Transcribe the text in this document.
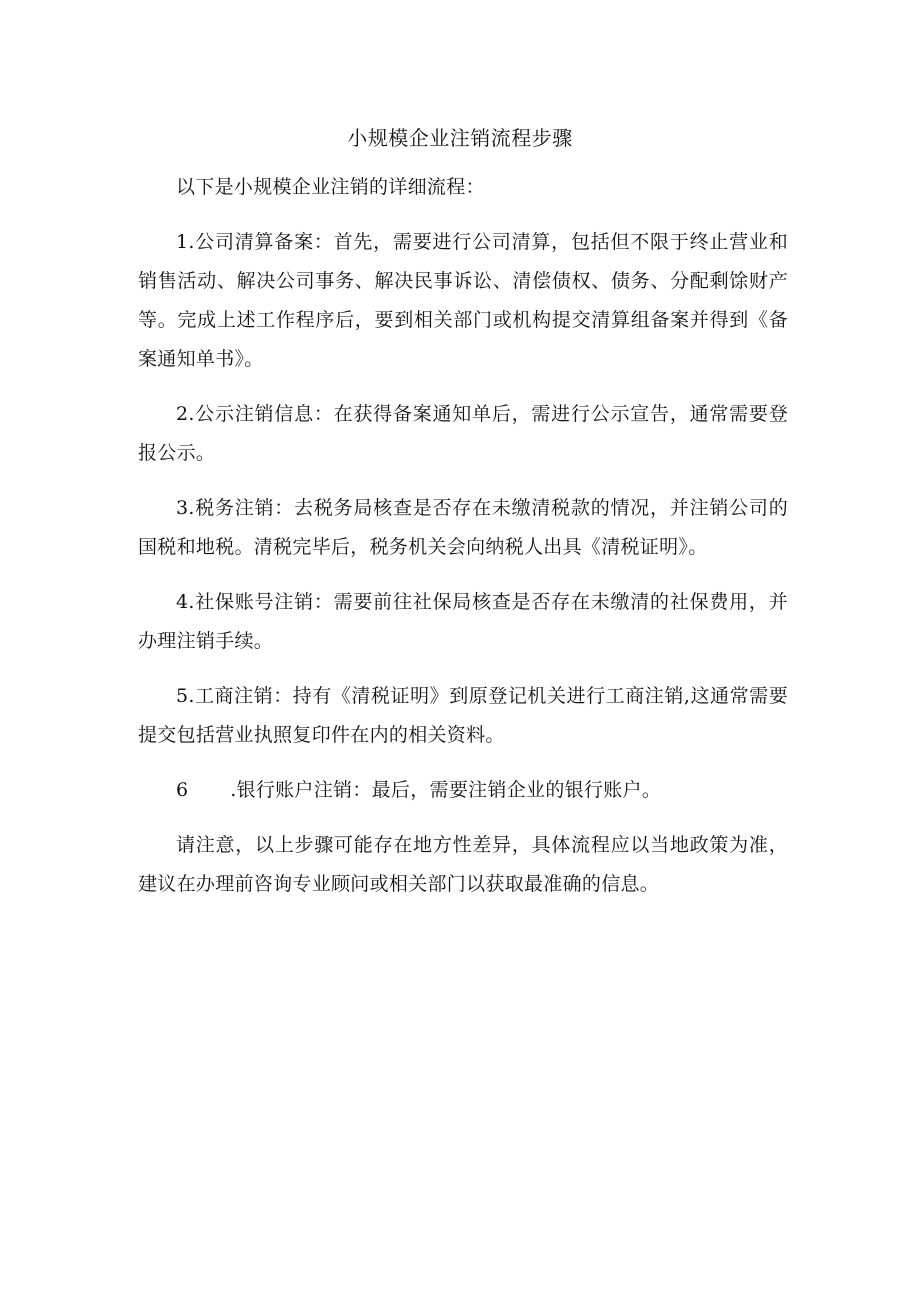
小规模企业注销流程步骤

以下是小规模企业注销的详细流程：

1.公司清算备案：首先，需要进行公司清算，包括但不限于终止营业和销售活动、解决公司事务、解决民事诉讼、清偿债权、债务、分配剩馀财产等。完成上述工作程序后，要到相关部门或机构提交清算组备案并得到《备案通知单书》。

2.公示注销信息：在获得备案通知单后，需进行公示宣告，通常需要登报公示。

3.税务注销：去税务局核查是否存在未缴清税款的情况，并注销公司的国税和地税。清税完毕后，税务机关会向纳税人出具《清税证明》。

4.社保账号注销：需要前往社保局核查是否存在未缴清的社保费用，并办理注销手续。

5.工商注销：持有《清税证明》到原登记机关进行工商注销,这通常需要提交包括营业执照复印件在内的相关资料。

6 .银行账户注销：最后，需要注销企业的银行账户。

请注意，以上步骤可能存在地方性差异，具体流程应以当地政策为准，建议在办理前咨询专业顾问或相关部门以获取最准确的信息。
